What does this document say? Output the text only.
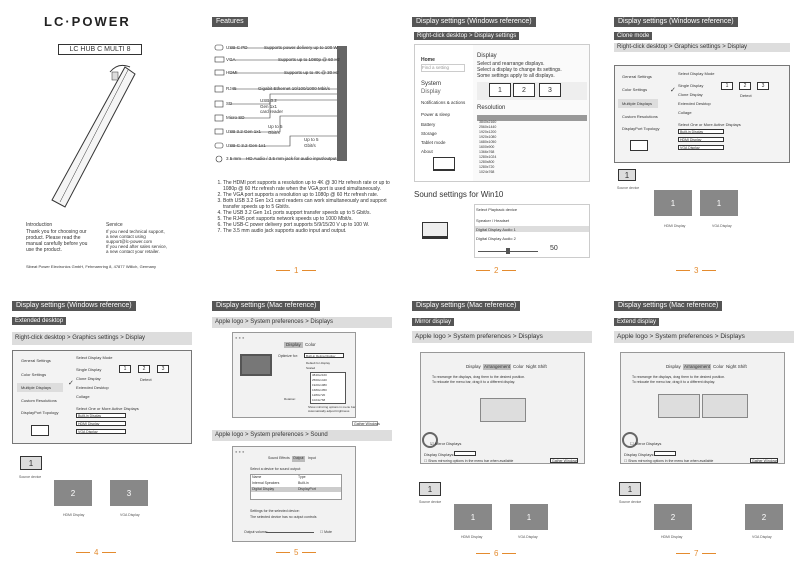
LC·POWER
LC HUB C MULTI 8
Introduction
Thank you for choosing our
product. Please read the
manual carefully before you
use the product.
Service
If you need technical support,
a new contact using
support@lc-power.com
If you need after sales service,
a new contact your retailer.
Sibeat Power Electronics GmbH, Fehmarnring 8, 47877 Willich, Germany
Features
USB-C PD	Supports power delivery up to 100 W
VGA	Supports up to 1080p @ 60 Hz
HDMI	Supports up to 4K @ 30 Hz
RJ45	Gigabit Ethernet 10/100/1000 Mbit/s
SD
USB 3.2 Gen 1x1 card reader
Micro SD
USB 3.2 Gen 1x1
Up to 5 Gbit/s
USB-C 3.2 Gen 1x1
Up to 5 Gbit/s
3.5 mm HD Audio / 3.5 mm jack for audio input/output
1. The HDMI port supports a resolution up to 4K @ 30 Hz refresh rate or up to 1080p @ 60 Hz refresh rate when the VGA port is used simultaneously.
2. The VGA port supports a resolution up to 1080p @ 60 Hz refresh rate.
3. Both USB 3.2 Gen 1x1 card readers can work simultaneously and support transfer speeds up to 5 Gbit/s.
4. The USB 3.2 Gen 1x1 ports support transfer speeds up to 5 Gbit/s.
5. The RJ45 port supports network speeds up to 1000 Mbit/s.
6. The USB-C power delivery port supports 5/9/15/20 V up to 100 W.
7. The 3.5 mm audio jack supports audio input and output.
1
Display settings (Windows reference)
Right-click desktop > Display settings
Home
Find a setting
System
Display
Notifications & actions
Power & sleep
Battery
Storage
Tablet mode
About
Display
Select and rearrange displays.
Select a display to change its settings.
Some settings apply to all displays.
1	2	3
Resolution
3840x2160
2560x1440
1920x1200
1920x1080
1680x1050
1600x900
1366x768
1280x1024
1280x800
1280x720
1024x768
Sound settings for Win10
Select Playback device
Speaker / Headset
Digital Display Audio 1
Digital Display Audio 2
50
2
Display settings (Windows reference)
Clone mode
Right-click desktop > Graphics settings > Display
General Settings
Color Settings
Multiple Displays
Custom Resolutions
DisplayPort Topology
Select Display Mode
Single Display	1	2	3
✓
Clone Display	Detect
Extended Desktop
Collage
Select One or More Active Displays
Built-in Display
HDMI Display
VGA Display
1
Source device
1	1
HDMI Display	VGA Display
3
Display settings (Windows reference)
Extended desktop
Right-click desktop > Graphics settings > Display
General Settings
Color Settings
Multiple Displays
Custom Resolutions
DisplayPort Topology
Select Display Mode
Single Display	1	2	3
Clone Display	Detect
✓
Extended Desktop
Collage
Select One or More Active Displays
Built-in Display
HDMI Display
VGA Display
1
Source device
2	3
HDMI Display	VGA Display
4
Display settings (Mac reference)
Apple logo > System preferences > Displays
● ● ●
Display Color
Optimize for:	Built-in Retina Display
Default for display
Scaled
3840x2160
2560x1440
1920x1080
1680x1050
1280x720
1024x768
Rotation:
Show mirroring options in menu bar
Automatically adjust brightness
Gather Windows
Apple logo > System preferences > Sound
● ● ●
Sound Effects Output Input
Select a device for sound output:
Name	Type
Internal Speakers	Built-in
Digital Display	DisplayPort
Settings for the selected device:
The selected device has no output controls
Output volume:	☐ Mute
5
Display settings (Mac reference)
Mirror display
Apple logo > System preferences > Displays
Display Arrangement Color Night Shift
To rearrange the displays, drag them to the desired position.
To relocate the menu bar, drag it to a different display.
☑ Mirror Displays
Display Displays:
☐ Show mirroring options in the menu bar when available	Gather Windows
1
Source device
1	1
HDMI Display	VGA Display
6
Display settings (Mac reference)
Extend display
Apple logo > System preferences > Displays
Display Arrangement Color Night Shift
To rearrange the displays, drag them to the desired position.
To relocate the menu bar, drag it to a different display.
☐ Mirror Displays
Display Displays:
☐ Show mirroring options in the menu bar when available	Gather Windows
1
Source device
2	2
HDMI Display	VGA Display
7
